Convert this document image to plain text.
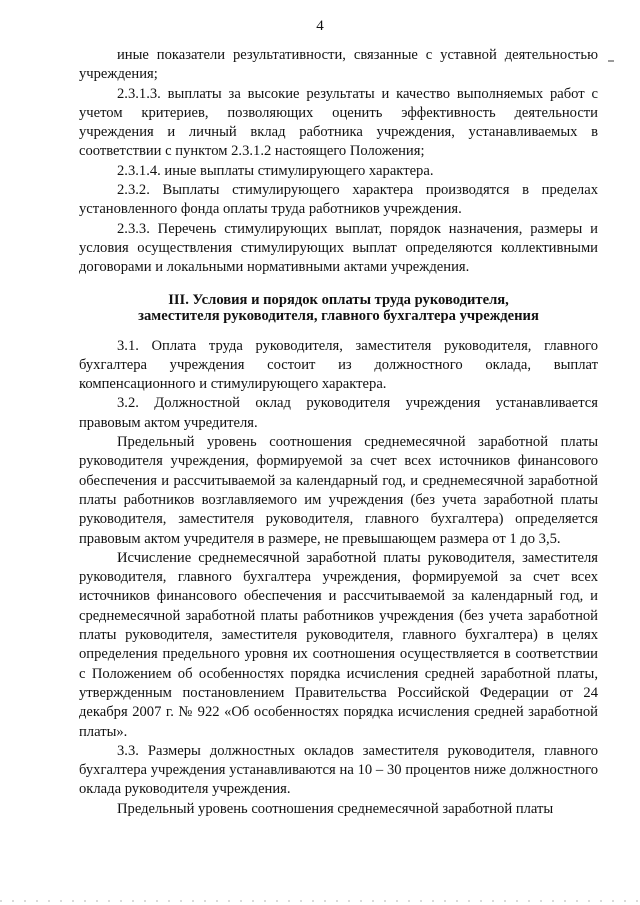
4

иные показатели результативности, связанные с уставной деятельностью учреждения;

2.3.1.3. выплаты за высокие результаты и качество выполняемых работ с учетом критериев, позволяющих оценить эффективность деятельности учреждения и личный вклад работника учреждения, устанавливаемых в соответствии с пунктом 2.3.1.2 настоящего Положения;

2.3.1.4. иные выплаты стимулирующего характера.

2.3.2. Выплаты стимулирующего характера производятся в пределах установленного фонда оплаты труда работников учреждения.

2.3.3. Перечень стимулирующих выплат, порядок назначения, размеры и условия осуществления стимулирующих выплат определяются коллективными договорами и локальными нормативными актами учреждения.

III. Условия и порядок оплаты труда руководителя,
заместителя руководителя, главного бухгалтера учреждения

3.1. Оплата труда руководителя, заместителя руководителя, главного бухгалтера учреждения состоит из должностного оклада, выплат компенсационного и стимулирующего характера.

3.2. Должностной оклад руководителя учреждения устанавливается правовым актом учредителя.

Предельный уровень соотношения среднемесячной заработной платы руководителя учреждения, формируемой за счет всех источников финансового обеспечения и рассчитываемой за календарный год, и среднемесячной заработной платы работников возглавляемого им учреждения (без учета заработной платы руководителя, заместителя руководителя, главного бухгалтера) определяется правовым актом учредителя в размере, не превышающем размера от 1 до 3,5.

Исчисление среднемесячной заработной платы руководителя, заместителя руководителя, главного бухгалтера учреждения, формируемой за счет всех источников финансового обеспечения и рассчитываемой за календарный год, и среднемесячной заработной платы работников учреждения (без учета заработной платы руководителя, заместителя руководителя, главного бухгалтера) в целях определения предельного уровня их соотношения осуществляется в соответствии с Положением об особенностях порядка исчисления средней заработной платы, утвержденным постановлением Правительства Российской Федерации от 24 декабря 2007 г. № 922 «Об особенностях порядка исчисления средней заработной платы».

3.3. Размеры должностных окладов заместителя руководителя, главного бухгалтера учреждения устанавливаются на 10 – 30 процентов ниже должностного оклада руководителя учреждения.

Предельный уровень соотношения среднемесячной заработной платы
